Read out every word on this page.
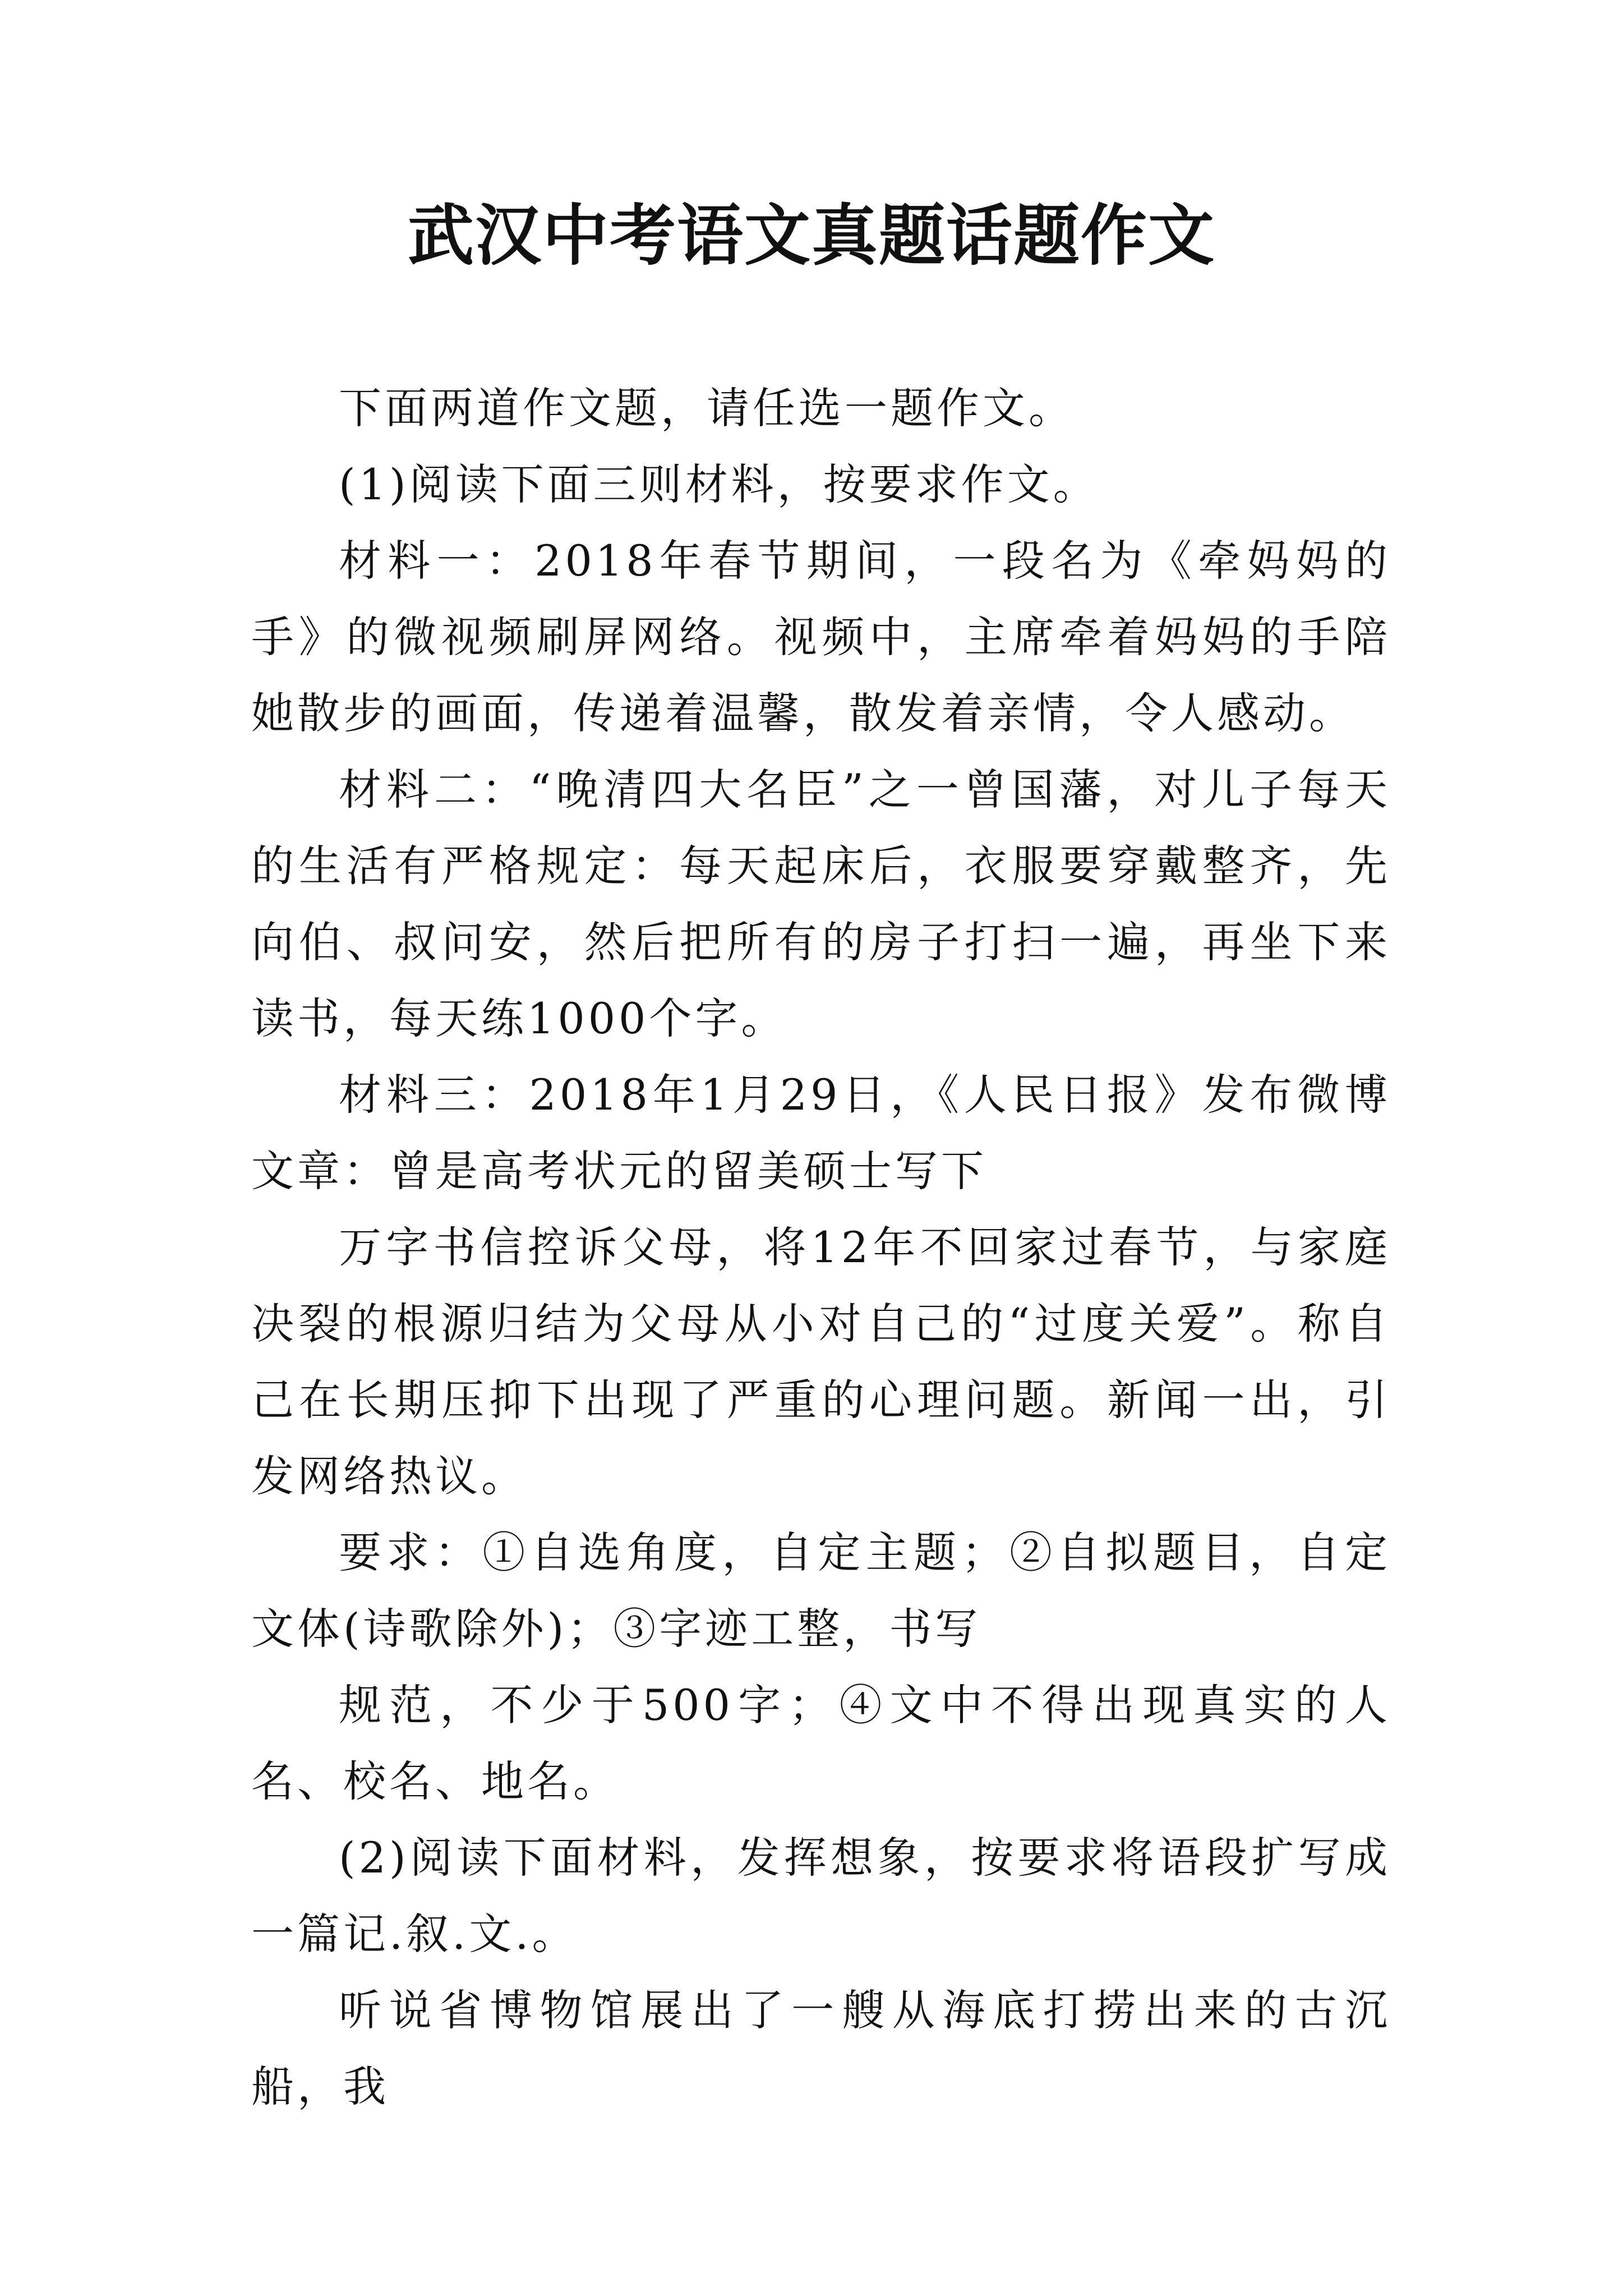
武汉中考语文真题话题作文

下面两道作文题，请任选一题作文。

(1)阅读下面三则材料，按要求作文。

材料一：2018年春节期间，一段名为《牵妈妈的手》的微视频刷屏网络。视频中，主席牵着妈妈的手陪她散步的画面，传递着温馨，散发着亲情，令人感动。

材料二：“晚清四大名臣”之一曾国藩，对儿子每天的生活有严格规定：每天起床后，衣服要穿戴整齐，先向伯、叔问安，然后把所有的房子打扫一遍，再坐下来读书，每天练1000个字。

材料三：2018年1月29日，《人民日报》发布微博文章：曾是高考状元的留美硕士写下

万字书信控诉父母，将12年不回家过春节，与家庭决裂的根源归结为父母从小对自己的“过度关爱”。称自己在长期压抑下出现了严重的心理问题。新闻一出，引发网络热议。

要求：①自选角度，自定主题；②自拟题目，自定文体(诗歌除外)；③字迹工整，书写

规范，不少于500字；④文中不得出现真实的人名、校名、地名。

(2)阅读下面材料，发挥想象，按要求将语段扩写成一篇记.叙.文.。

听说省博物馆展出了一艘从海底打捞出来的古沉船，我
